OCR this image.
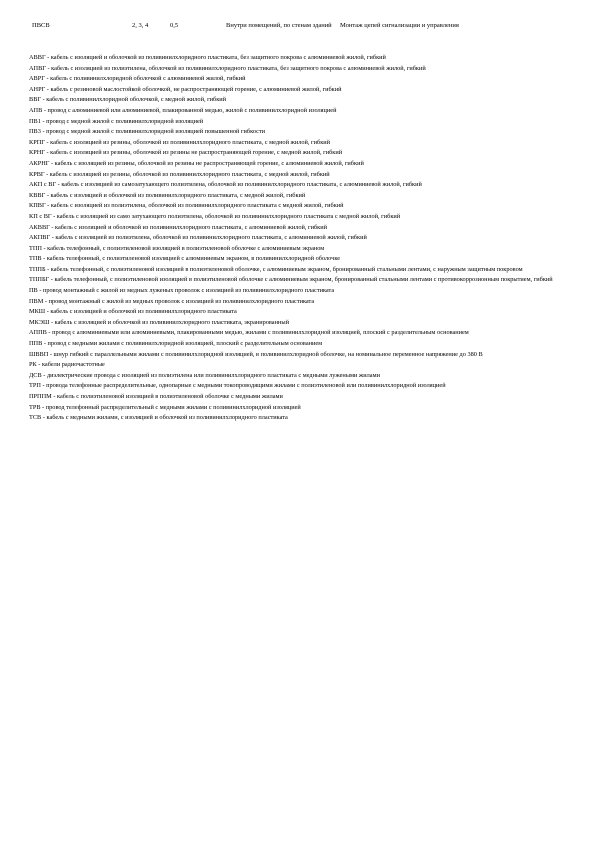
ПВСВ	2, 3, 4	0,5	Внутри помещений, по стенам зданий	Монтаж цепей сигнализации и управления

АВВГ - кабель с изоляцией и оболочкой из поливинилхлоридного пластиката, без защитного покрова с алюминиевой жилой, гибкий

АПВГ - кабель с изоляцией из полиэтилена, оболочкой из поливинилхлоридного пластиката, без защитного покрова с алюминиевой жилой, гибкий

АВРГ - кабель с поливинилхлоридной оболочкой с алюминиевой жилой, гибкий

АНРГ - кабель с резиновой маслостойкой оболочкой, не распространяющей горение, с алюминиевой жилой, гибкий

ВВГ - кабель с поливинилхлоридной оболочкой, с медной жилой, гибкий

АПВ - провод с алюминиевой или алюминиевой, плакированной медью, жилой с поливинилхлоридной изоляцией

ПВ1 - провод с медной жилой с поливинилхлоридной изоляцией

ПВ3 - провод с медной жилой с поливинилхлоридной изоляцией повышенной гибкости

КРПГ - кабель с изоляцией из резины, оболочкой из поливинилхлоридного пластиката, с медной жилой, гибкий

КРНГ - кабель с изоляцией из резины, оболочкой из резины не распространяющей горение, с медной жилой, гибкий

АКРНГ - кабель с изоляцией из резины, оболочкой из резины не распространяющей горение, с алюминиевой жилой, гибкий

КРВГ - кабель с изоляцией из резины, оболочкой из поливинилхлоридного пластиката, с медной жилой, гибкий

АКП с ВГ - кабель с изоляцией из самозатухающего полиэтилена, оболочкой из поливинилхлоридного пластиката, с алюминиевой жилой, гибкий

КВВГ - кабель с изоляцией и оболочкой из поливинилхлоридного пластиката, с медной жилой, гибкий

КПВГ - кабель с изоляцией из полиэтилена, оболочкой из поливинилхлоридного пластиката с медной жилой, гибкий

КП с ВГ - кабель с изоляцией из само затухающего полиэтилена, оболочкой из поливинилхлоридного пластиката с медной жилой, гибкий

АКВВГ - кабель с изоляцией и оболочкой из поливинилхлоридного пластиката, с алюминиевой жилой, гибкий

АКПВГ - кабель с изоляцией из полиэтилена, оболочкой из поливинилхлоридного пластиката, с алюминиевой жилой, гибкий

ТПП - кабель телефонный, с полиэтиленовой изоляцией в полиэтиленовой оболочке с алюминиевым экраном

ТПВ - кабель телефонный, с полиэтиленовой изоляцией с алюминиевым экраном, в поливинилхлоридной оболочке

ТППБ - кабель телефонный, с полиэтиленовой изоляцией в полиэтиленовой оболочке, с алюминиевым экраном, бронированный стальными лентами, с наружным защитным покровом

ТППБГ - кабель телефонный, с полиэтиленовой изоляцией в полиэтиленовой оболочке с алюминиевым экраном, бронированный стальными лентами с противокоррозионным покрытием, гибкий

ПВ - провод монтажный с жилой из медных луженых проволок с изоляцией из поливинилхлоридного пластиката

ПВМ - провод монтажный с жилой из медных проволок с изоляцией из поливинилхлоридного пластиката

МКШ - кабель с изоляцией и оболочкой из поливинилхлоридного пластиката

МКЭШ - кабель с изоляцией и оболочкой из поливинилхлоридного пластиката, экранированный

АППВ - провод с алюминиевыми или алюминиевыми, плакированными медью, жилами с поливинилхлоридной изоляцией, плоский с разделительным основанием

ППВ - провод с медными жилами с поливинилхлоридной изоляцией, плоский с разделительным основанием

ШВВП - шнур гибкий с параллельными жилами с поливинилхлоридной изоляцией, в поливинилхлоридной оболочке, на номинальное переменное напряжение до 380 В

РК - кабели радиочастотные

ДСВ - диэлектрические провода с изоляцией из полиэтилена или поливинилхлоридного пластиката с медными лужеными жилами

ТРП - провода телефонные распределительные, однопарные с медными токопроводящими жилами с полиэтиленовой или поливинилхлоридной изоляцией

ПРППМ - кабель с полиэтиленовой изоляцией в полиэтиленовой оболочке с медными жилами

ТРВ - провод телефонный распределительный с медными жилами с поливинилхлоридной изоляцией

ТСВ - кабель с медными жилами, с изоляцией и оболочкой из поливинилхлоридного пластиката
